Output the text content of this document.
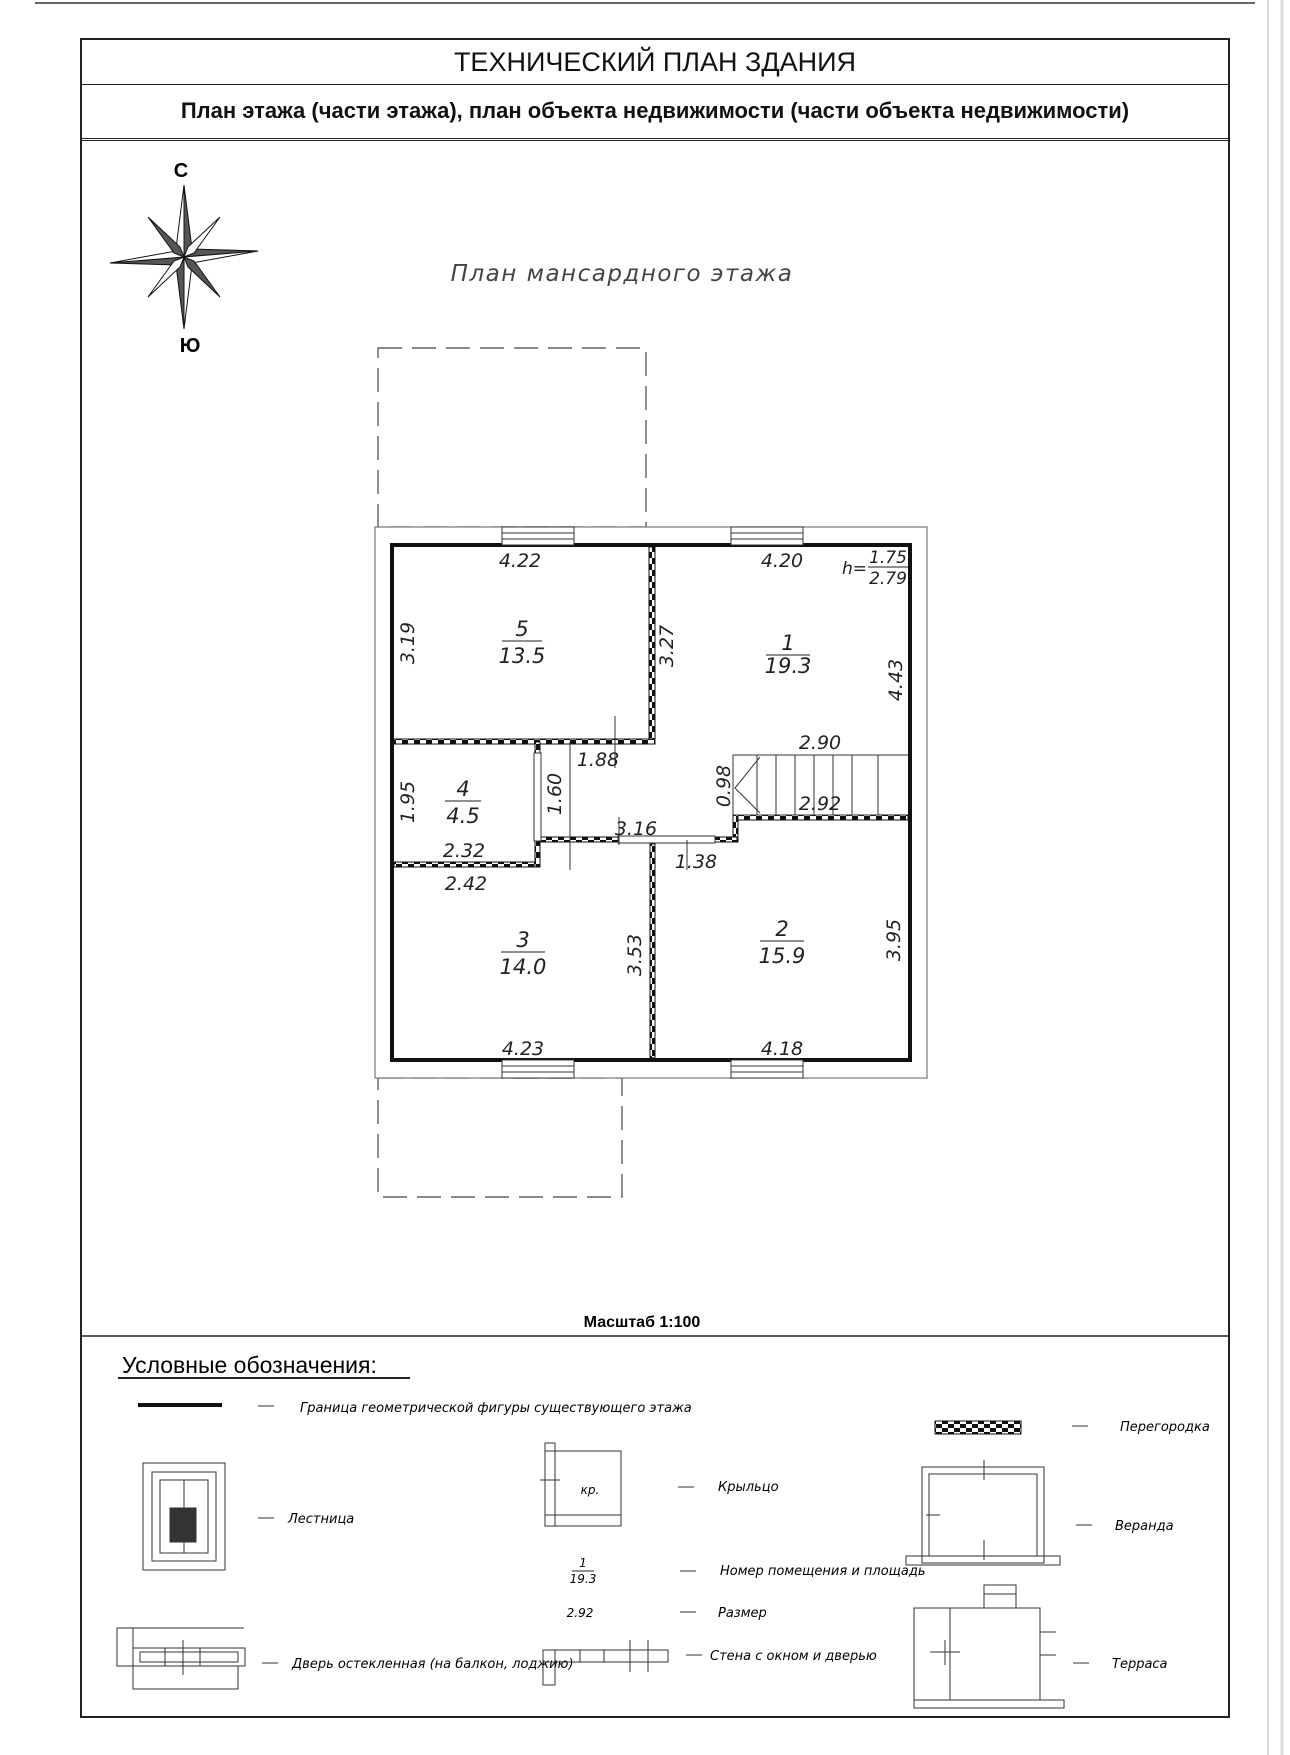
ТЕХНИЧЕСКИЙ ПЛАН ЗДАНИЯ
План этажа (части этажа), план объекта недвижимости (части объекта недвижимости)
С
Ю
План мансардного этажа
5
13.5
1
19.3
4
4.5
3
14.0
2
15.9
h=
1.75
2.79
4.22	4.20
3.19	3.27
4.43
2.90
1.88
1.95	1.60	0.98	2.92
3.16
2.32	1.38
2.42
3.53	3.95
4.23	4.18
Масштаб 1:100
Условные обозначения:
Граница геометрической фигуры существующего этажа
Перегородка
Лестница
кр.	Крыльцо
Веранда
1
19.3	Номер помещения и площадь
2.92	Размер
Дверь остекленная (на балкон, лоджию)
Стена с окном и дверью
Терраса
